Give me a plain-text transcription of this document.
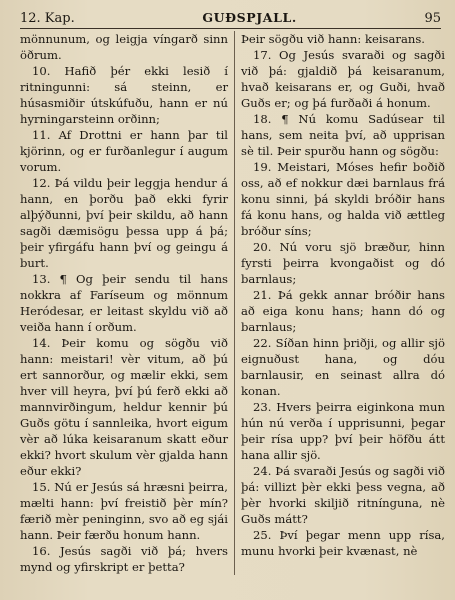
12. Kap.	GUÐSPJALL.	95

mönnunum, og leigja víngarð sinn öðrum.

10. Hafið þér ekki lesið í ritningunni: sá steinn, er húsasmiðir útskúfuðu, hann er nú hyrningarsteinn orðinn;

11. Af Drottni er hann þar til kjörinn, og er furðanlegur í augum vorum.

12. Þá vildu þeir leggja hendur á hann, en þorðu það ekki fyrir alþýðunni, því þeir skildu, að hann sagði dæmisögu þessa upp á þá; þeir yfirgáfu hann því og geingu á burt.

13. ¶ Og þeir sendu til hans nokkra af Faríseum og mönnum Heródesar, er leitast skyldu við að veiða hann í orðum.

14. Þeir komu og sögðu við hann: meistari! vèr vitum, að þú ert sannorður, og mælir ekki, sem hver vill heyra, því þú ferð ekki að mannvirðingum, heldur kennir þú Guðs götu í sannleika, hvort eigum vèr að lúka keisaranum skatt eður ekki? hvort skulum vèr gjalda hann eður ekki?

15. Nú er Jesús sá hræsni þeirra, mælti hann: því freistið þèr mín? færið mèr peninginn, svo að eg sjái hann. Þeir færðu honum hann.

16. Jesús sagði við þá; hvers mynd og yfirskript er þetta?

Þeir sögðu við hann: keisarans.

17. Og Jesús svaraði og sagði við þá: gjaldið þá keisaranum, hvað keisarans er, og Guði, hvað Guðs er; og þá furðaði á honum.

18. ¶ Nú komu Sadúsear til hans, sem neita því, að upprisan sè til. Þeir spurðu hann og sögðu:

19. Meistari, Móses hefir boðið oss, að ef nokkur dæi barnlaus frá konu sinni, þá skyldi bróðir hans fá konu hans, og halda við ættleg bróður síns;

20. Nú voru sjö bræður, hinn fyrsti þeirra kvongaðist og dó barnlaus;

21. Þá gekk annar bróðir hans að eiga konu hans; hann dó og barnlaus;

22. Síðan hinn þriðji, og allir sjö eignuðust hana, og dóu barnlausir, en seinast allra dó konan.

23. Hvers þeirra eiginkona mun hún nú verða í upprisunni, þegar þeir rísa upp? því þeir höfðu átt hana allir sjö.

24. Þá svaraði Jesús og sagði við þá: villizt þèr ekki þess vegna, að þèr hvorki skiljið ritnínguna, nè Guðs mátt?

25. Því þegar menn upp rísa, munu hvorki þeir kvænast, nè
